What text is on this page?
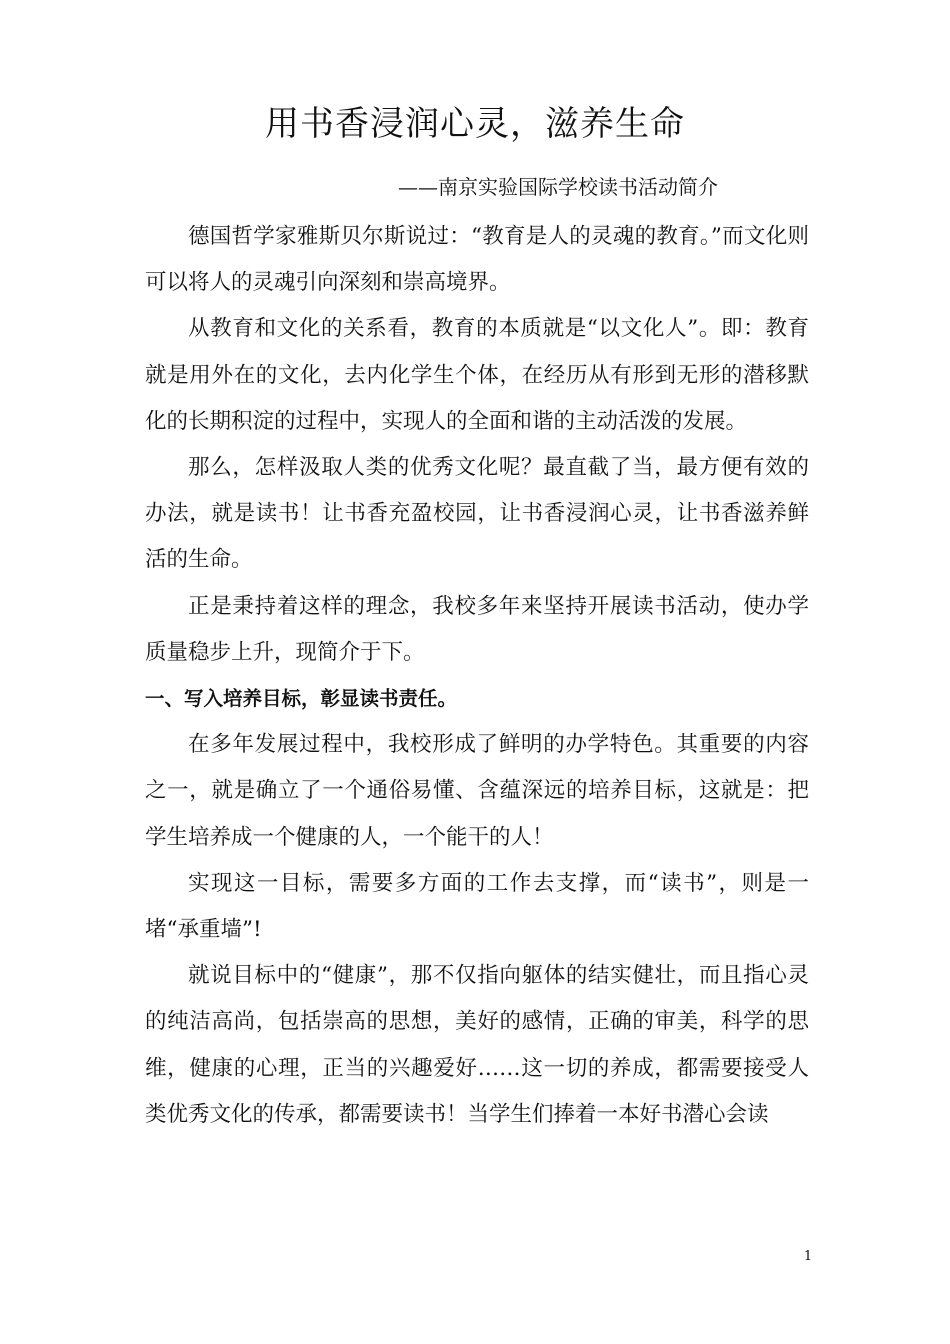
用书香浸润心灵，滋养生命
——南京实验国际学校读书活动简介

德国哲学家雅斯贝尔斯说过：“教育是人的灵魂的教育。”而文化则可以将人的灵魂引向深刻和崇高境界。

从教育和文化的关系看，教育的本质就是“以文化人”。即：教育就是用外在的文化，去内化学生个体，在经历从有形到无形的潜移默化的长期积淀的过程中，实现人的全面和谐的主动活泼的发展。

那么，怎样汲取人类的优秀文化呢？最直截了当，最方便有效的办法，就是读书！让书香充盈校园，让书香浸润心灵，让书香滋养鲜活的生命。

正是秉持着这样的理念，我校多年来坚持开展读书活动，使办学质量稳步上升，现简介于下。

一、写入培养目标，彰显读书责任。

在多年发展过程中，我校形成了鲜明的办学特色。其重要的内容之一，就是确立了一个通俗易懂、含蕴深远的培养目标，这就是：把学生培养成一个健康的人，一个能干的人！

实现这一目标，需要多方面的工作去支撑，而“读书”，则是一堵“承重墙”!

就说目标中的“健康”，那不仅指向躯体的结实健壮，而且指心灵的纯洁高尚，包括崇高的思想，美好的感情，正确的审美，科学的思维，健康的心理，正当的兴趣爱好……这一切的养成，都需要接受人类优秀文化的传承，都需要读书！当学生们捧着一本好书潜心会读

1
